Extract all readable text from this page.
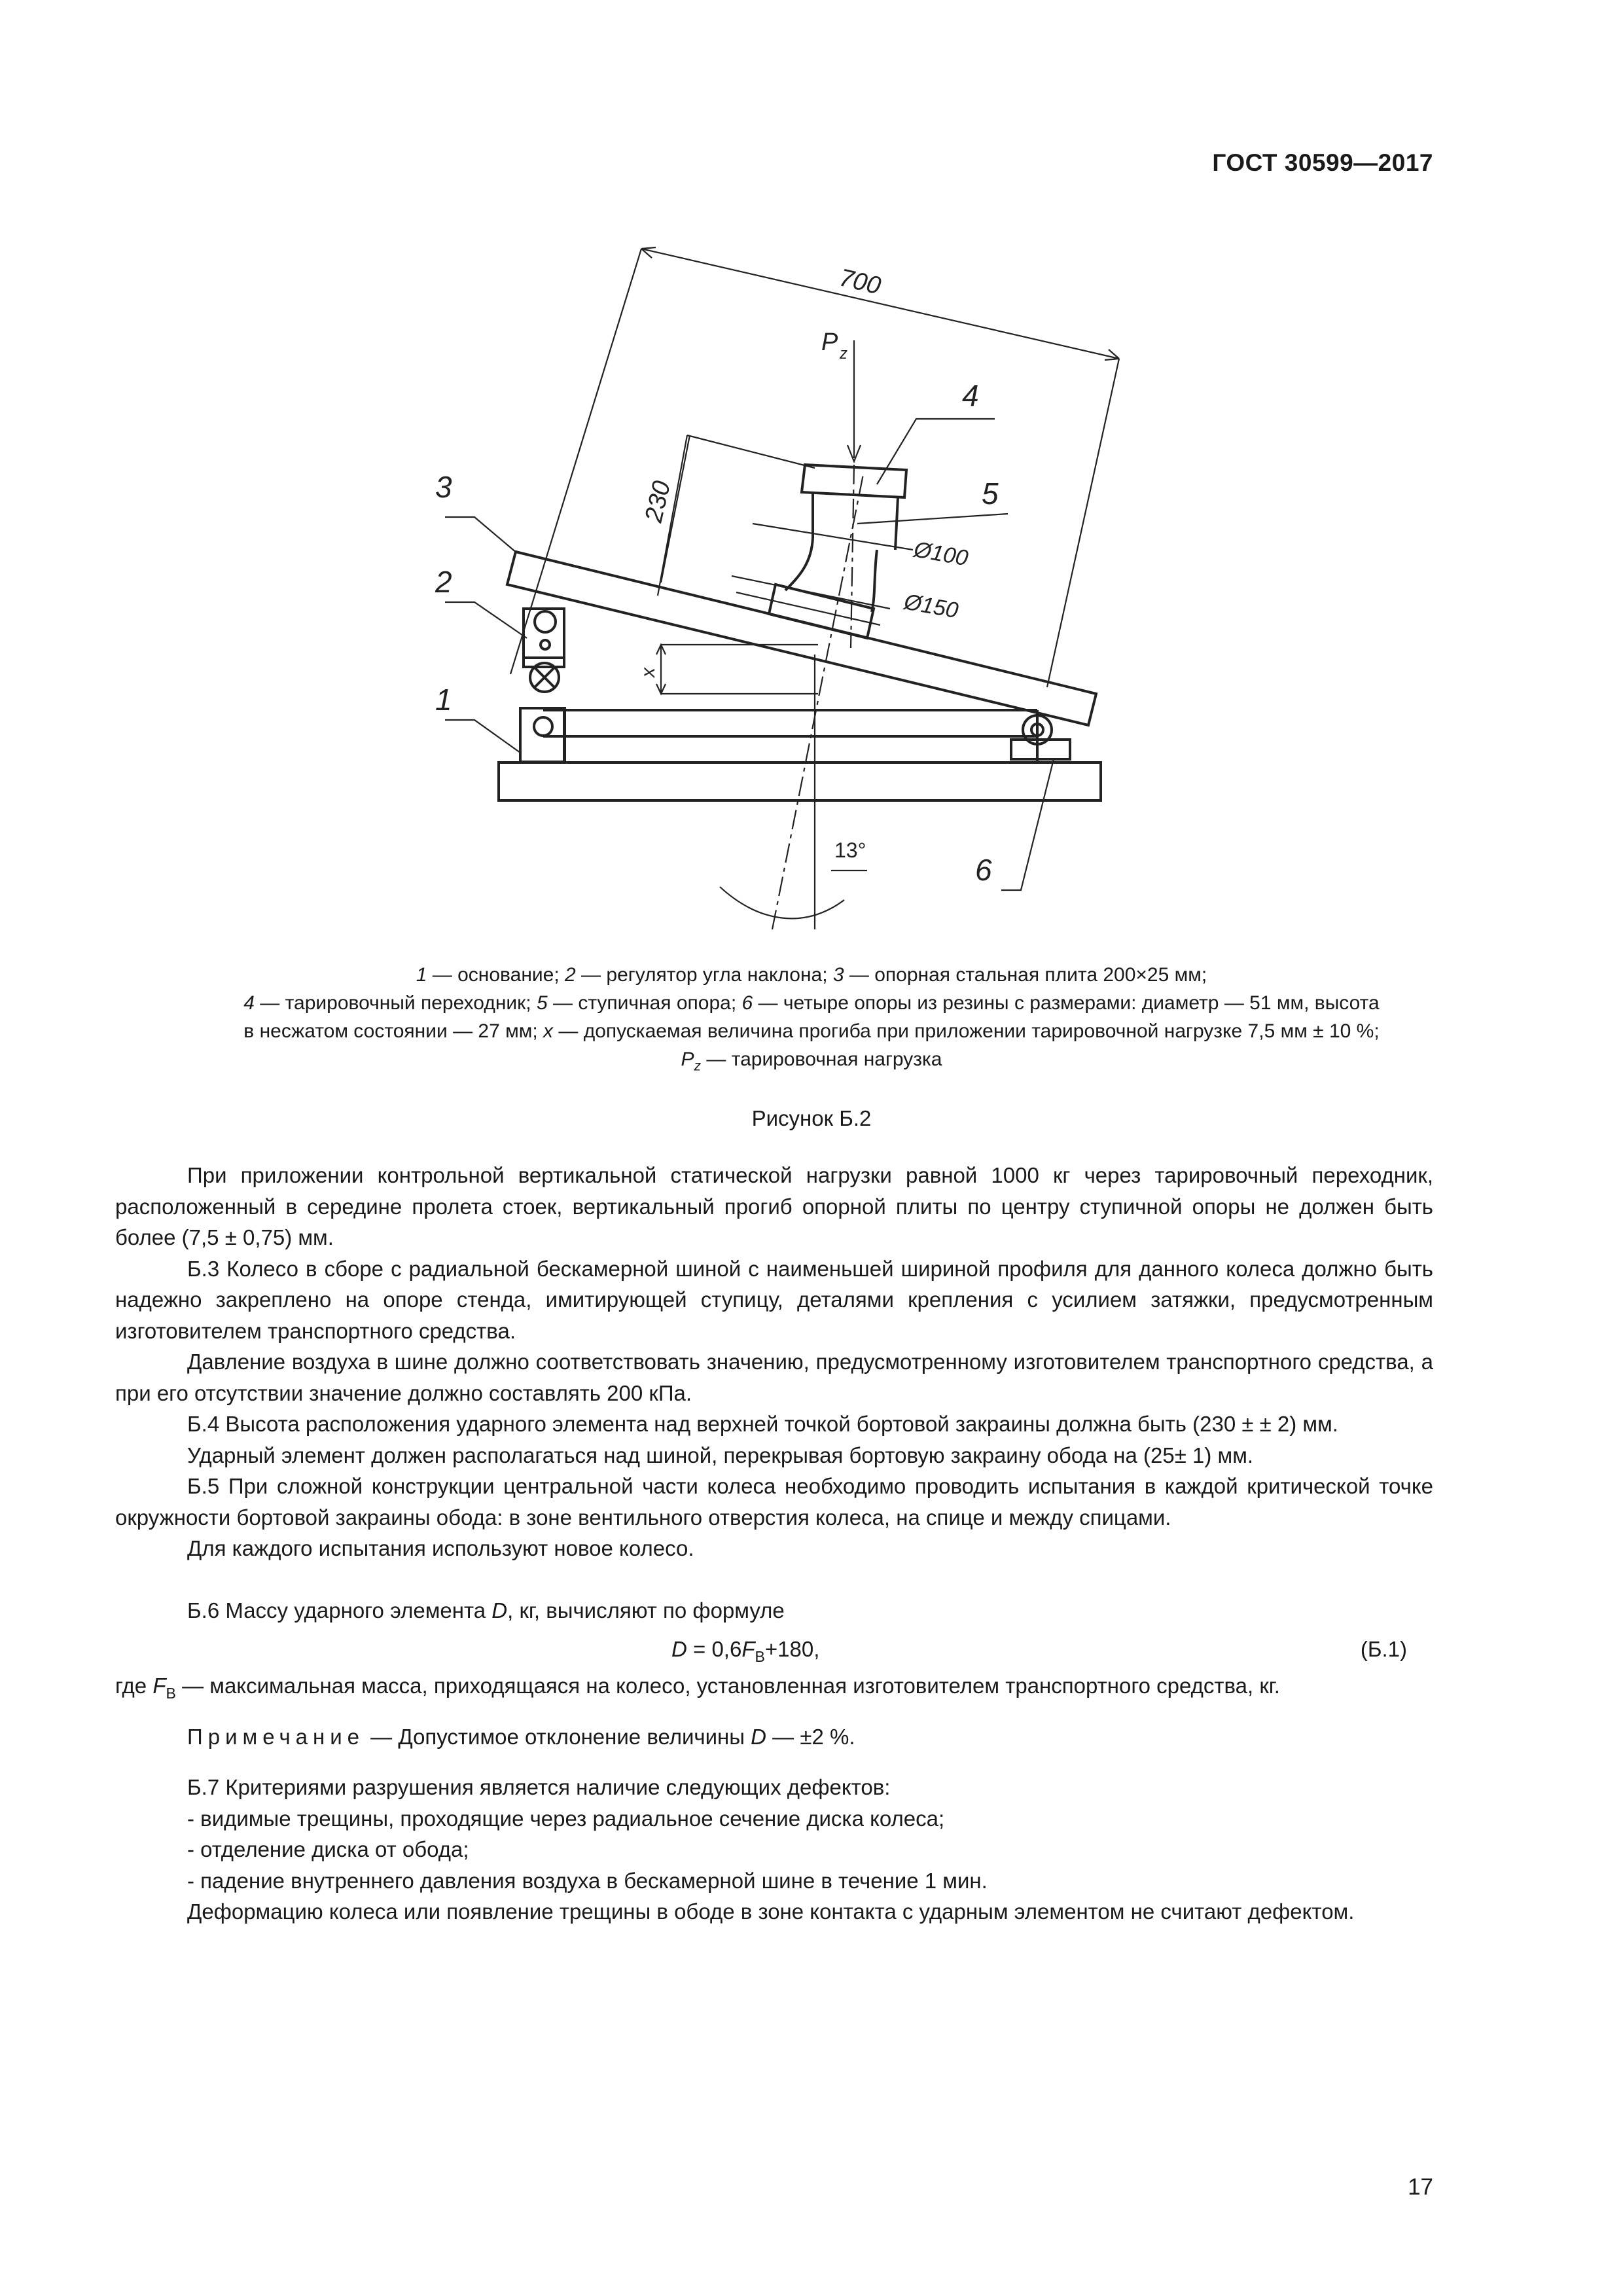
ГОСТ 30599—2017
700
230
P z
x
Ø100
Ø150
13°
3
2
1
4
5
6
1 — основание; 2 — регулятор угла наклона; 3 — опорная стальная плита 200×25 мм;
4 — тарировочный переходник; 5 — ступичная опора; 6 — четыре опоры из резины с размерами: диаметр — 51 мм, высота
в несжатом состоянии — 27 мм; x — допускаемая величина прогиба при приложении тарировочной нагрузке 7,5 мм ± 10 %;
$P_z$ — тарировочная нагрузка
Рисунок Б.2

При приложении контрольной вертикальной статической нагрузки равной 1000 кг через тарировочный переходник, расположенный в середине пролета стоек, вертикальный прогиб опорной плиты по центру ступичной опоры не должен быть более (7,5 ± 0,75) мм.

Б.3 Колесо в сборе с радиальной бескамерной шиной с наименьшей шириной профиля для данного колеса должно быть надежно закреплено на опоре стенда, имитирующей ступицу, деталями крепления с усилием затяжки, предусмотренным изготовителем транспортного средства.

Давление воздуха в шине должно соответствовать значению, предусмотренному изготовителем транспортного средства, а при его отсутствии значение должно составлять 200 кПа.

Б.4 Высота расположения ударного элемента над верхней точкой бортовой закраины должна быть (230 ± ± 2) мм.

Ударный элемент должен располагаться над шиной, перекрывая бортовую закраину обода на (25± 1) мм.

Б.5 При сложной конструкции центральной части колеса необходимо проводить испытания в каждой критической точке окружности бортовой закраины обода: в зоне вентильного отверстия колеса, на спице и между спицами.

Для каждого испытания используют новое колесо.

Б.6 Массу ударного элемента D, кг, вычисляют по формуле

$D = 0,6F_В+180$,	(Б.1)

где $F_В$ — максимальная масса, приходящаяся на колесо, установленная изготовителем транспортного средства, кг.

Примечание — Допустимое отклонение величины D — ±2 %.

Б.7 Критериями разрушения является наличие следующих дефектов:

- видимые трещины, проходящие через радиальное сечение диска колеса;

- отделение диска от обода;

- падение внутреннего давления воздуха в бескамерной шине в течение 1 мин.

Деформацию колеса или появление трещины в ободе в зоне контакта с ударным элементом не считают дефектом.

17
